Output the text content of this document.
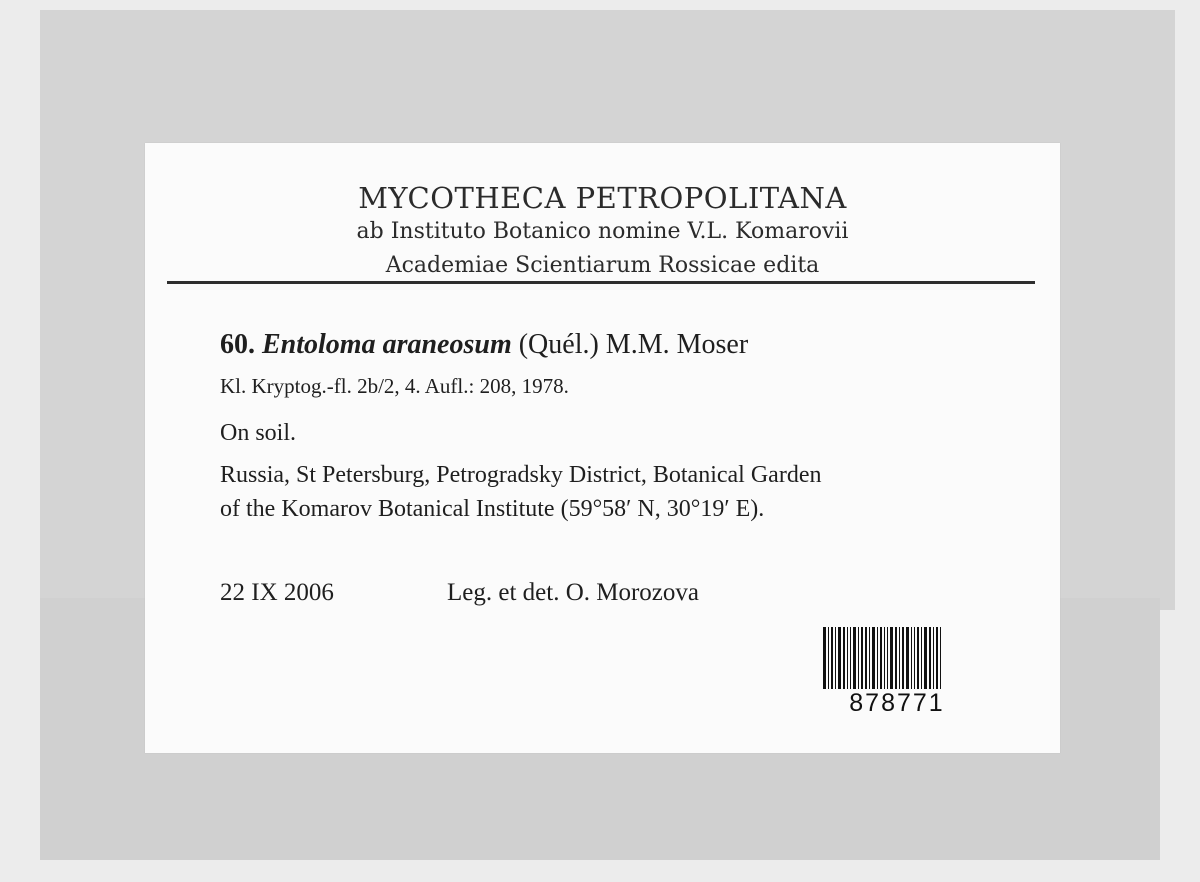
MYCOTHECA PETROPOLITANA
ab Instituto Botanico nomine V.L. Komarovii
Academiae Scientiarum Rossicae edita
60. Entoloma araneosum (Quél.) M.M. Moser
Kl. Kryptog.-fl. 2b/2, 4. Aufl.: 208, 1978.
On soil.
Russia, St Petersburg, Petrogradsky District, Botanical Garden
of the Komarov Botanical Institute (59°58′ N, 30°19′ E).
22 IX 2006	Leg. et det. O. Morozova
878771
